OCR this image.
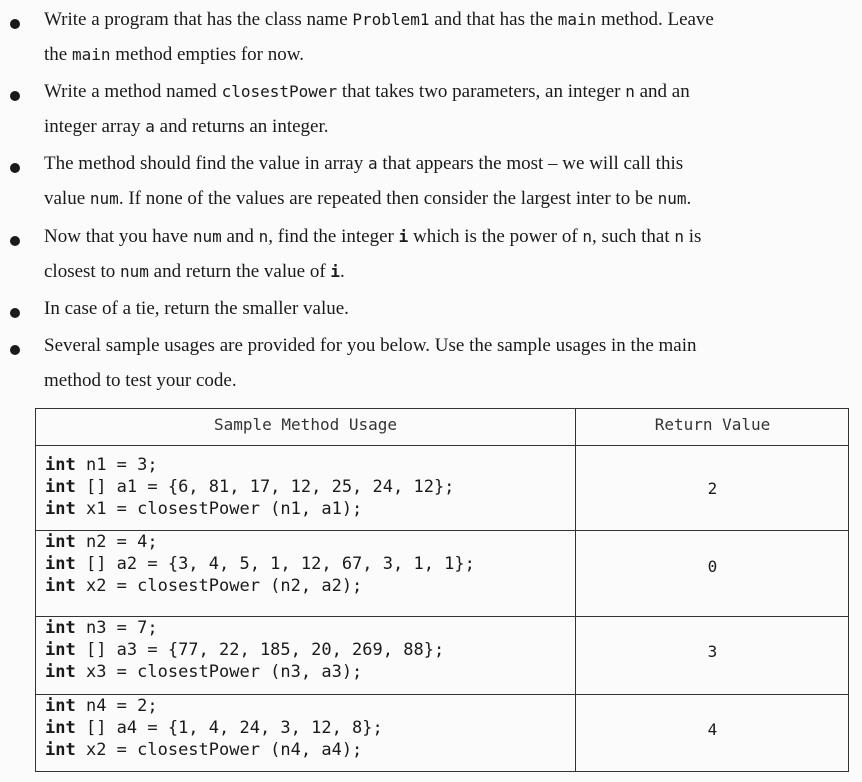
Write a program that has the class name Problem1 and that has the main method. Leave
the main method empties for now.
Write a method named closestPower that takes two parameters, an integer n and an
integer array a and returns an integer.
The method should find the value in array a that appears the most – we will call this
value num. If none of the values are repeated then consider the largest inter to be num.
Now that you have num and n, find the integer i which is the power of n, such that n is
closest to num and return the value of i.
In case of a tie, return the smaller value.
Several sample usages are provided for you below. Use the sample usages in the main
method to test your code.
Sample Method Usage	Return Value
int n1 = 3;
int [] a1 = {6, 81, 17, 12, 25, 24, 12};
int x1 = closestPower (n1, a1);
2
int n2 = 4;
int [] a2 = {3, 4, 5, 1, 12, 67, 3, 1, 1};
int x2 = closestPower (n2, a2);
0
int n3 = 7;
int [] a3 = {77, 22, 185, 20, 269, 88};
int x3 = closestPower (n3, a3);
3
int n4 = 2;
int [] a4 = {1, 4, 24, 3, 12, 8};
int x2 = closestPower (n4, a4);
4
